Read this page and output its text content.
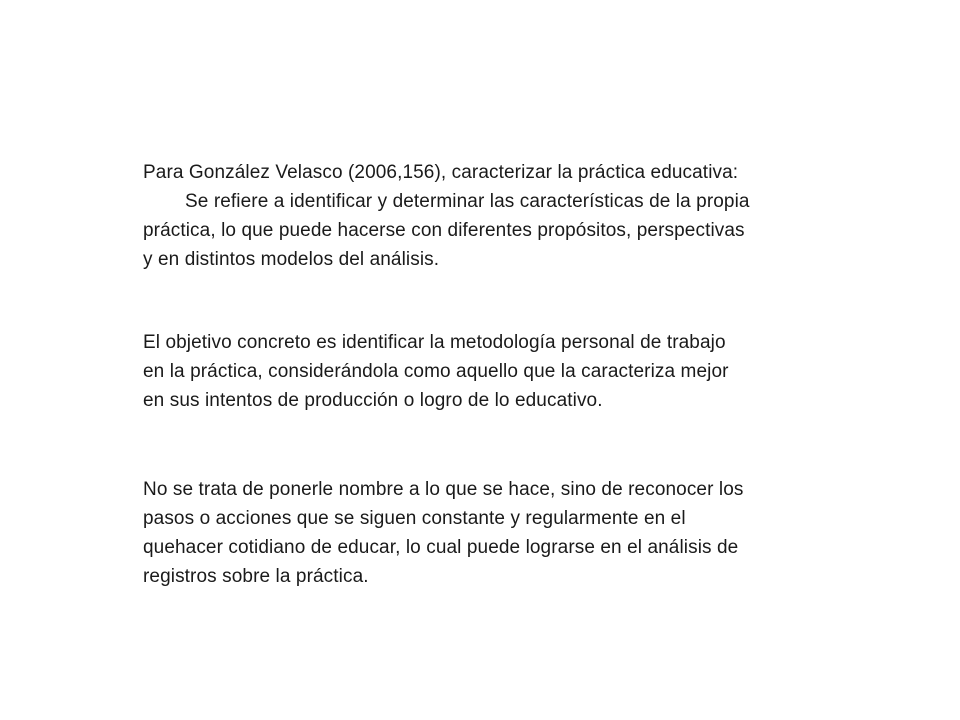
Para González Velasco (2006,156), caracterizar la práctica educativa:
Se refiere a identificar y determinar las características de la propia
práctica, lo que puede hacerse con diferentes propósitos, perspectivas
y en distintos modelos del análisis.
El objetivo concreto es identificar la metodología personal de trabajo
en la práctica, considerándola como aquello que la caracteriza mejor
en sus intentos de producción o logro de lo educativo.
No se trata de ponerle nombre a lo que se hace, sino de reconocer los
pasos o acciones que se siguen constante y regularmente en el
quehacer cotidiano de educar, lo cual puede lograrse en el análisis de
registros sobre la práctica.
